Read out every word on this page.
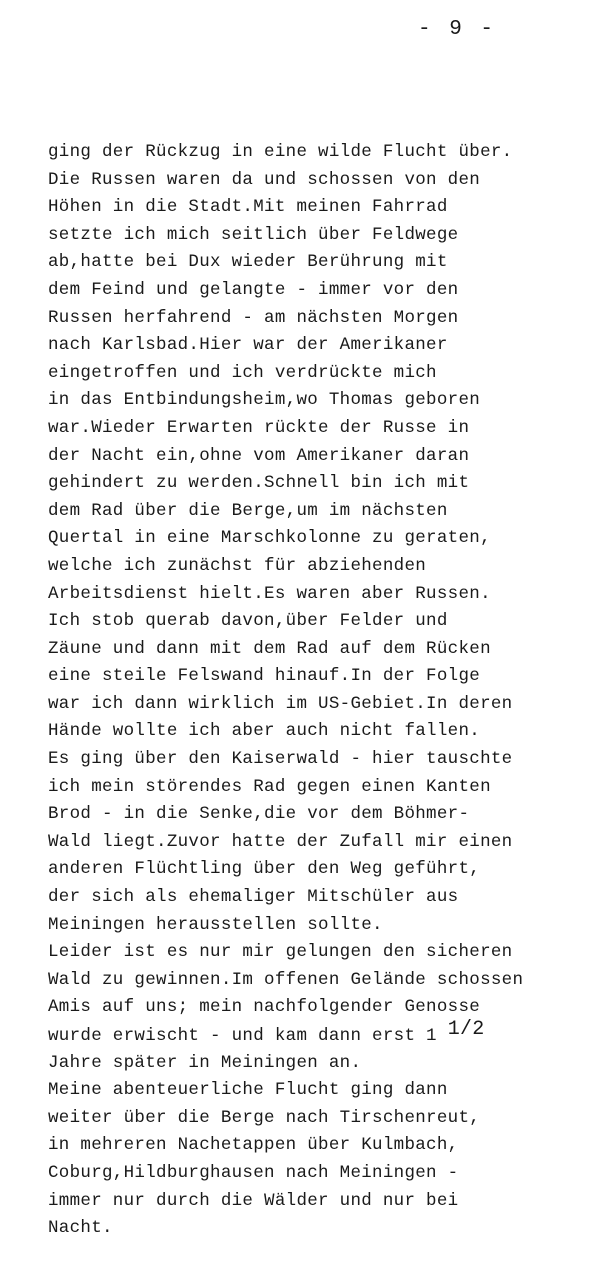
- 9 -
ging der Rückzug in eine wilde Flucht über.
Die Russen waren da und schossen von den
Höhen in die Stadt.Mit meinen Fahrrad
setzte ich mich seitlich über Feldwege
ab,hatte bei Dux wieder Berührung mit
dem Feind und gelangte - immer vor den
Russen herfahrend - am nächsten Morgen
nach Karlsbad.Hier war der Amerikaner
eingetroffen und ich verdrückte mich
in das Entbindungsheim,wo Thomas geboren
war.Wieder Erwarten rückte der Russe in
der Nacht ein,ohne vom Amerikaner daran
gehindert zu werden.Schnell bin ich mit
dem Rad über die Berge,um im nächsten
Quertal in eine Marschkolonne zu geraten,
welche ich zunächst für abziehenden
Arbeitsdienst hielt.Es waren aber Russen.
Ich stob querab davon,über Felder und
Zäune und dann mit dem Rad auf dem Rücken
eine steile Felswand hinauf.In der Folge
war ich dann wirklich im US-Gebiet.In deren
Hände wollte ich aber auch nicht fallen.
Es ging über den Kaiserwald - hier tauschte
ich mein störendes Rad gegen einen Kanten
Brod - in die Senke,die vor dem Böhmer-
Wald liegt.Zuvor hatte der Zufall mir einen
anderen Flüchtling über den Weg geführt,
der sich als ehemaliger Mitschüler aus
Meiningen herausstellen sollte.
Leider ist es nur mir gelungen den sicheren
Wald zu gewinnen.Im offenen Gelände schossen
Amis auf uns; mein nachfolgender Genosse
wurde erwischt - und kam dann erst 1 1/2
Jahre später in Meiningen an.
Meine abenteuerliche Flucht ging dann
weiter über die Berge nach Tirschenreut,
in mehreren Nachetappen über Kulmbach,
Coburg,Hildburghausen nach Meiningen -
immer nur durch die Wälder und nur bei
Nacht.
